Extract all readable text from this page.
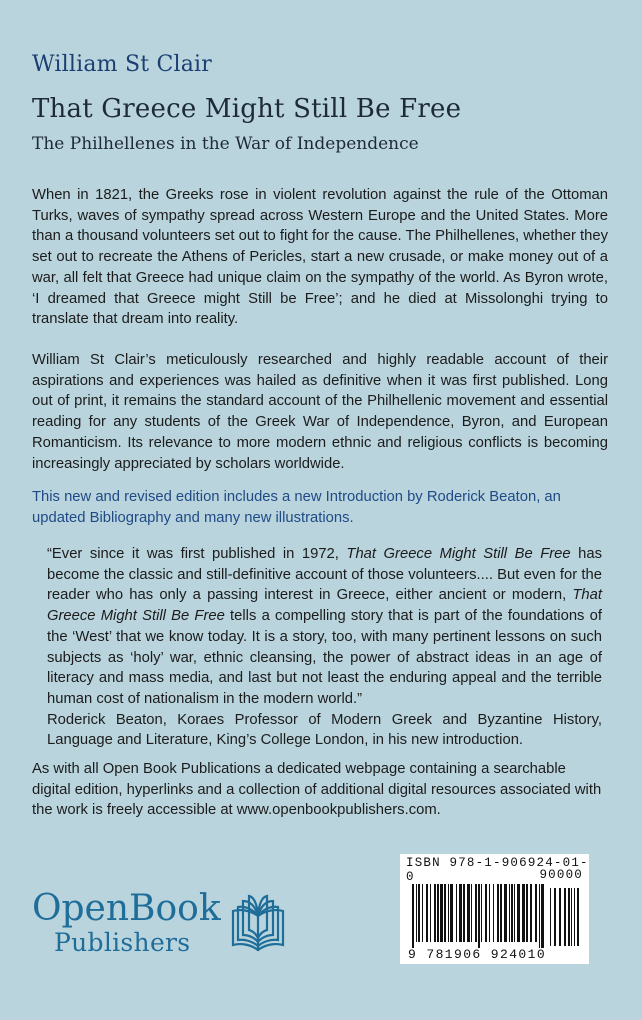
William St Clair
That Greece Might Still Be Free
The Philhellenes in the War of Independence

When in 1821, the Greeks rose in violent revolution against the rule of the Ottoman Turks, waves of sympathy spread across Western Europe and the United States. More than a thousand volunteers set out to fight for the cause. The Philhellenes, whether they set out to recreate the Athens of Pericles, start a new crusade, or make money out of a war, all felt that Greece had unique claim on the sympathy of the world. As Byron wrote, ‘I dreamed that Greece might Still be Free’; and he died at Missolonghi trying to translate that dream into reality.

William St Clair’s meticulously researched and highly readable account of their aspirations and experiences was hailed as definitive when it was first published. Long out of print, it remains the standard account of the Philhellenic movement and essential reading for any students of the Greek War of Independence, Byron, and European Romanticism. Its relevance to more modern ethnic and religious conflicts is becoming increasingly appreciated by scholars worldwide.

This new and revised edition includes a new Introduction by Roderick Beaton, an updated Bibliography and many new illustrations.

“Ever since it was first published in 1972, That Greece Might Still Be Free has become the classic and still-definitive account of those volunteers.... But even for the reader who has only a passing interest in Greece, either ancient or modern, That Greece Might Still Be Free tells a compelling story that is part of the foundations of the ‘West’ that we know today. It is a story, too, with many pertinent lessons on such subjects as ‘holy’ war, ethnic cleansing, the power of abstract ideas in an age of literacy and mass media, and last but not least the enduring appeal and the terrible human cost of nationalism in the modern world.”

Roderick Beaton, Koraes Professor of Modern Greek and Byzantine History, Language and Literature, King’s College London, in his new introduction.

As with all Open Book Publications a dedicated webpage containing a searchable digital edition, hyperlinks and a collection of additional digital resources associated with the work is freely accessible at www.openbookpublishers.com.

ISBN 978-1-906924-01-0	90000
9 781906 924010
OpenBook
Publishers
